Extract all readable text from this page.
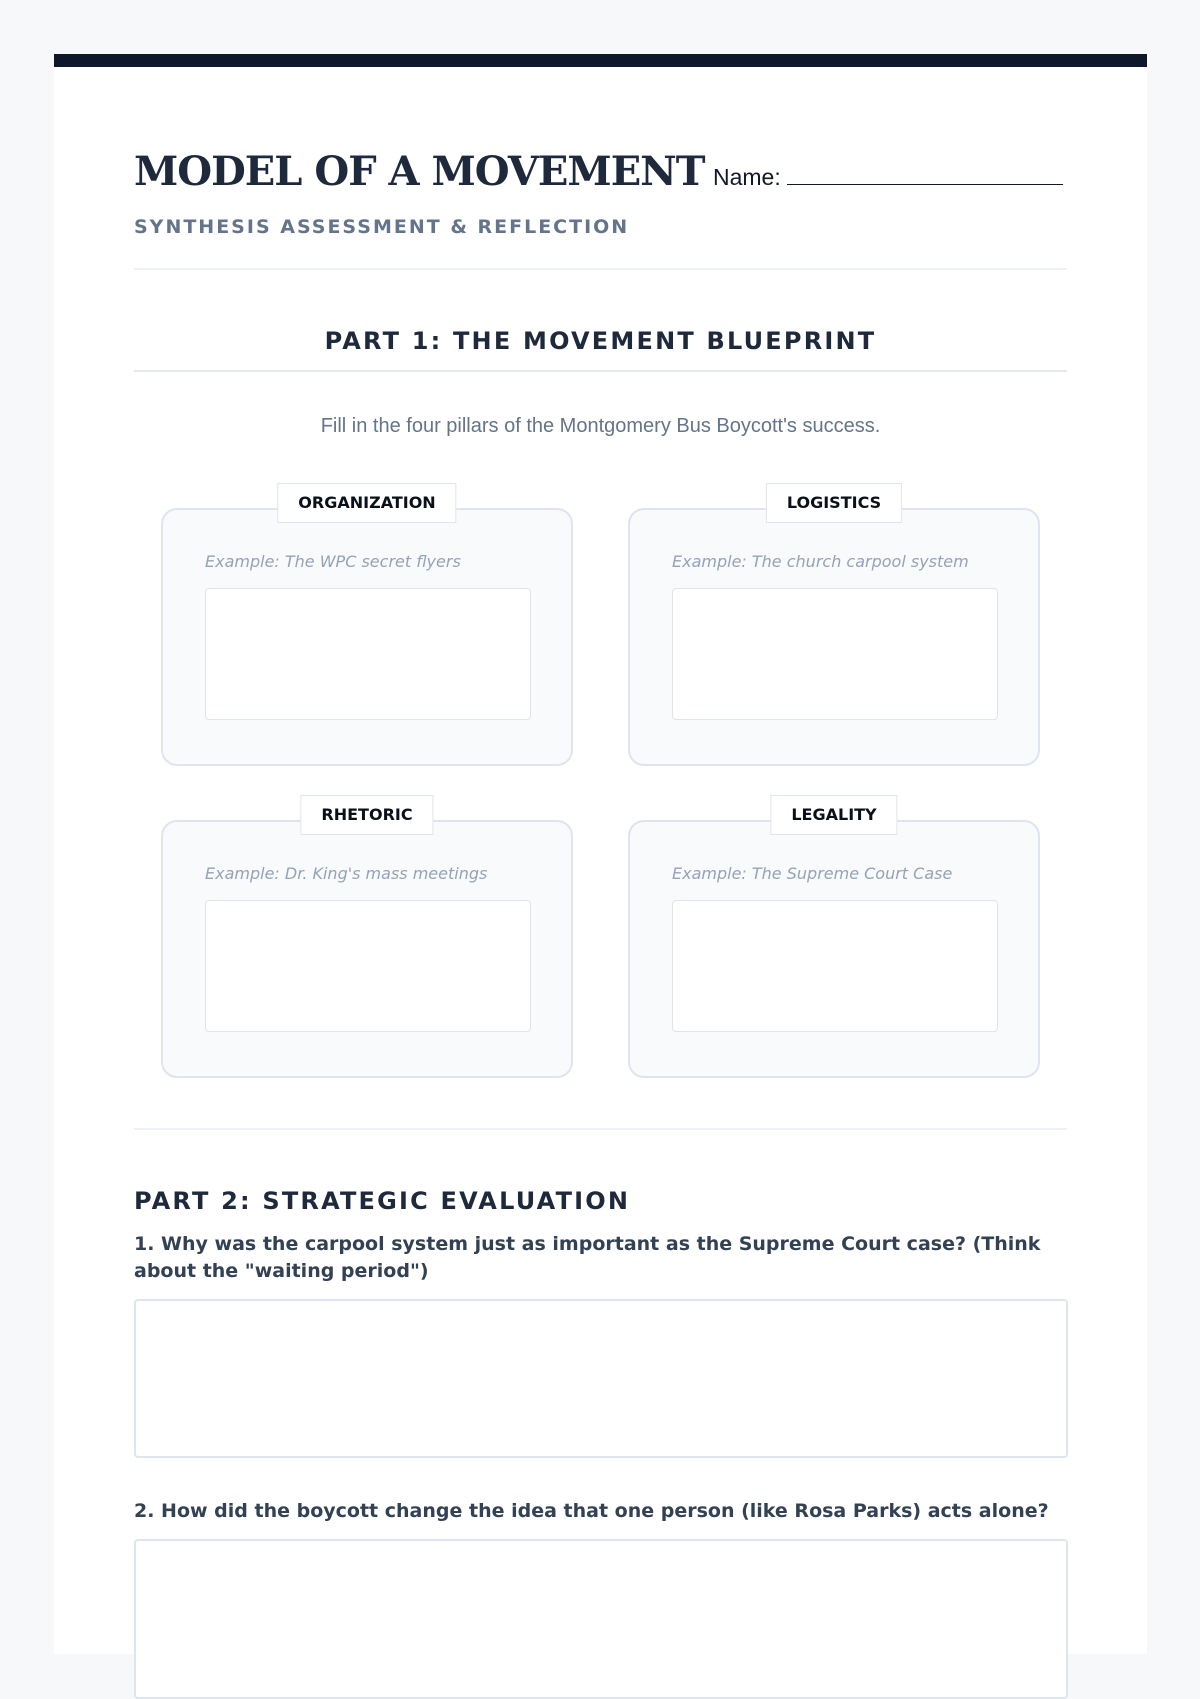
MODEL OF A MOVEMENT
SYNTHESIS ASSESSMENT & REFLECTION
Name:
PART 1: THE MOVEMENT BLUEPRINT
Fill in the four pillars of the Montgomery Bus Boycott's success.
ORGANIZATION
Example: The WPC secret flyers
LOGISTICS
Example: The church carpool system
RHETORIC
Example: Dr. King's mass meetings
LEGALITY
Example: The Supreme Court Case
PART 2: STRATEGIC EVALUATION
1. Why was the carpool system just as important as the Supreme Court case? (Think about the "waiting period")
2. How did the boycott change the idea that one person (like Rosa Parks) acts alone?
